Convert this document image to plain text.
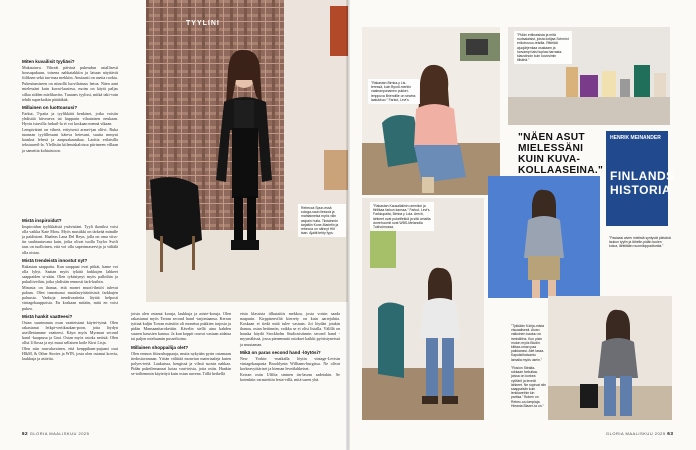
Miten kuvailisit tyyliäsi?

Mukautuva. Vihreät päivinä pukeudun asiallisesti housupukuun, toisena nahkatakkiin ja latuun näyttävät fiiliksen sekä tuo-maa mekkiin. Ansiaasti on useita rookia.

Pukeutumiseen on niinollä luovilaisuus hetoa. Näen aani mielessäni kuin kuvat-laasiesa, moim on käytä paljas sillaa sidden mielikuviin. Tuuaaes tyylissi, mitkä taki-vain tehdä superkaikin päättäkää.

Millainen on luottoasusi?

Farkut, T-paita ja tyylikkäät kenkäset, jotka voisiin yhdistää hiiveaeva tai hupparin vilautaisen neukaan. Hyvin istuvilla farkuil-la ei voi koskaan mennä vikaan.

Lempivärini on vihreä, erityisesti armei-jan oliivi. Ruka tuonnan tyylillessani käteva hetesunt, suutta mmysä kaaskut lehesä ja aaupuakaantkaa. Laoitia erilaisilla tekstuureil-la. Ylellisiin kiilemiskaloissa piirimeen villaan ja samettia kohtaistoon.

Mistä inspiroidut?

Inspiroidun tyylikkäistä ystävistäni. Tyyli ikoniksi voisi olla vaikka Kate Moss. Myös musiikki on tärkeää minulle ja paidistoni. Haaleas Lana Del Reyn, jolla on oma viiss-tin suuhtautuvana kuin, jotka olivat tuolla Taylor Swift taas on tuolloinen, että voi olla superimaseevija ja väliälä olla oistaa.

Mistä trendeistä innostut nyt?

Rakastan saappaita. Kun saappaat ovat pitkät, hame voi olla lyhyt. Saatan myös tykätä farkkujen lahkeet saappaiden si-sään. Olen tykästynyt myös palloihin ja pukuliiveihin, jotka yhdistän rennosti fark-kuihin.

Minusta on ihanaa, että monet muoti-ilmiöt tulevat palaan. Olen innostunut matalavyötäröisistä farkkujen paluusta. Vanhoja trendivaatteita löytää helposti vintagekauppoista. En koskaan mitään, mitä en voisi pukea.

Mistä hankit vaatteesi?

Ostan suurimman osan vaatteistani käytet-tyinä. Olen rakastanut leikpi-vertikaukan-poon, joita löydyn useilleniamme vaatteesi. Käyn myös Myrman second hand -kaupassa ja Gmt. Ostan myös ostoks netistä. Olen ollut Uffossa ja nyt muut sellaisen kotle Kirsi Lisja.

Olen niin rauvalavainen, että kenppikum-pujaani osat H&M, & Other Stories ja WIN, josta olen ostanut korvia, laukkuja ja asiteita.

joista olen ostanut koruja, laukkuja ja asiste-koruja. Olen rakastunut myös Terran second hand -tarjontaansa. Kerran tyttinä kuljin Torran miesiiin oli monetus pukkien tarjosia ja pidän Mansaanitarokettiin. Kävelin siellä aina kahden suuren kasssien kanssa. Ja kun koppit rouvat vastaan aidatsa tai paljon mieluumin pusseiltoina.

Millainen shoppailija olet?

Olen rennon fiiinoshoppaaja, mutta nykyään pyrin ostamaan tiedostavamaan. Yritän välittää monvian materiaaleja kuten polyes-teriä. Laukuissa, kengissä ja vilssä suosin nahkaa. Pidän pukeilemanzai kotaa vaat-teista, joita ostin. Hankin se-toiliemmin käytettyä kuin ostan uuvena. Tällä hetkellä

TYYLINI
Rebecca Spun-essä sologa-saun liessoä ja mahtaimelsa myös vilin asipain huila- Tiistainmin tarjaitiin Kone-Marietin ja rebecca on nähnyt Hiit tsan. Ajaitti tehty fyys.
"Rakastan Birnka-y Lis-teressä, kuin Byndi-merkin vaaleanpunainen pukkei-lenppuva Briendille on sewiss laatukkuo." Farkut, Levi's.
"Pidän eritinaisista ja eritä ruotsalaisist, joista kotijaa Schmiot erikoisruoo-reisilla. Rittelää ajuojärjenkaa osakaam ja luovampi taisi tuplaa harrasta-klaustinoin kuin kovosimin tillsiinä."
"NÄEN ASUT MIELESSÄNI KUIN KUVA-KOLLAASEINA."
HENRIK MEINANDER
FINLANDS
HISTORIA
"Pasiaasi aiven mielistä syntyvät päivänä laukun tyylin ja lähelle-pidän tuulen kolua, lähtiitään nuomiloppadtuntia."
"Rakastan Kausallalinin ummikoi ja fiirilikaa farkun kanssa." Farkut, Levi's. Farkkupaita, Bimba y Lola. Arevit, lahkeet ovat pukeillekkä ja sitä omailla durrehuomit ovat WBS-Melanolla Tukholmossa.
"Tykkään fi-kirja-mista visuaalisesti. Aivan valkoinen kautuu on inmisiiliins. Kun pisin muton myös Biodin kiittaa-oman paa paikkanssi. Alet lassa. Kapulsiihoisantu lamalla myös usein."

"Rosion Stiralla-rukkaan farkuilaa, joissa on korkea vyötärö ja leveät lahkeet. Ne sopivat niin saappaisiin kuin lenkkareihin kin paritsa." Boken on Rebec-ca-tomplaja. Hieania Blazer-ta on."

etsin klassista tilkutaitiis mekkoa, josta voisin saada naapurin. Kirppisenviltä kierrety on kuin aarrejahtia. Koskaan ei tiedä mitä tulee vastaan. Joi löydän jotakin ihanaa, ostan hetiinnön, vaikka se ei olisi listalla. Välillä on hauska käydä Stockholm Studiosisiinnin second hand -myymälässä, jossa pienemmät ostokset kaikki pyöristyneissä ja muutaman.

Mikä on paras second hand -löytösi?

New Yorkin -matkalla löytin vintage-Levisin vintagekaupasta Brooklynin Williams-burgissa. Ne olivat korkeavyötäriset ja hieman leveälahkeiset.

Kerran ostin Uffilta sininen tin-lasom sadetakin. Se kotenkiin varastettiin festa-villä, mitä suren yhä.

62 GLORIA MAALISKUU 2025	GLORIA MAALISKUU 2025 63
